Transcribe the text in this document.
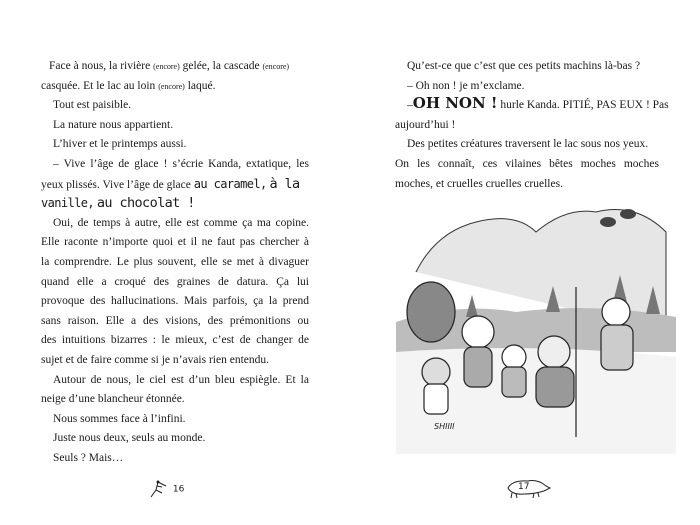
Face à nous, la rivière (encore) gelée, la cascade (encore)
casquée. Et le lac au loin (encore) laqué.
Tout est paisible.
La nature nous appartient.
L’hiver et le printemps aussi.
– Vive l’âge de glace ! s’écrie Kanda, extatique, les
yeux plissés. Vive l’âge de glace au caramel, à la
vanille, au chocolat !
Oui, de temps à autre, elle est comme ça ma copine.
Elle raconte n’importe quoi et il ne faut pas chercher à
la comprendre. Le plus souvent, elle se met à divaguer
quand elle a croqué des graines de datura. Ça lui
provoque des hallucinations. Mais parfois, ça la prend
sans raison. Elle a des visions, des prémonitions ou
des intuitions bizarres : le mieux, c’est de changer de
sujet et de faire comme si je n’avais rien entendu.
Autour de nous, le ciel est d’un bleu espiègle. Et la
neige d’une blancheur étonnée.
Nous sommes face à l’infini.
Juste nous deux, seuls au monde.
Seuls ? Mais…
Qu’est-ce que c’est que ces petits machins là-bas ?
– Oh non ! je m’exclame.
–OH NON ! hurle Kanda. PITIÉ, PAS EUX ! Pas
aujourd’hui !
Des petites créatures traversent le lac sous nos yeux.
On les connaît, ces vilaines bêtes moches moches
moches, et cruelles cruelles cruelles.
SHIIII
16	17
